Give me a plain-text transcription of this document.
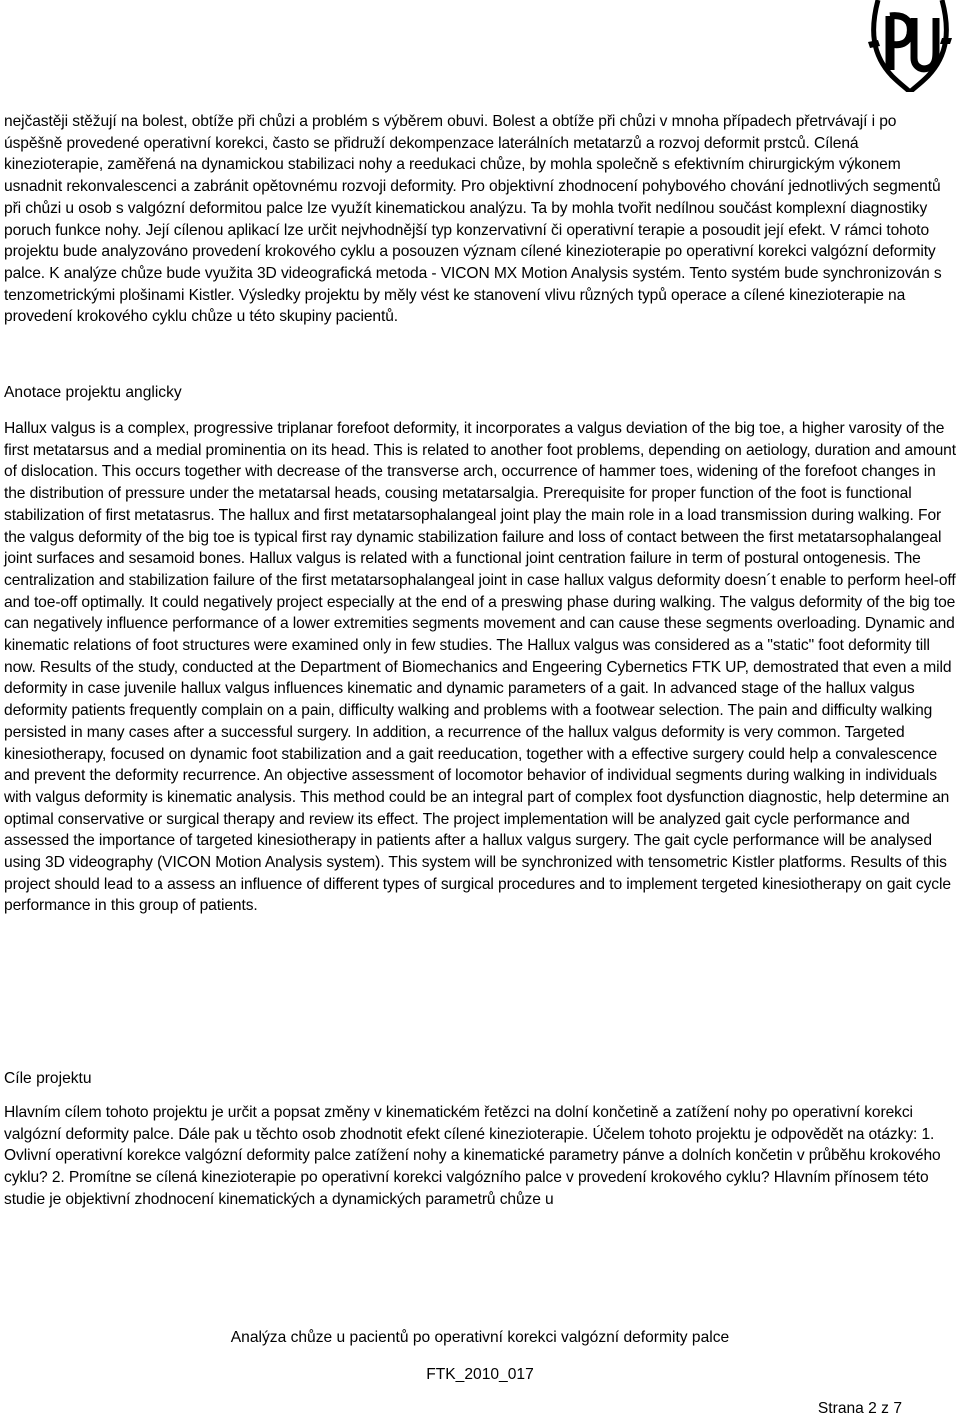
nejčastěji stěžují na bolest, obtíže při chůzi a problém s výběrem obuvi. Bolest a obtíže při chůzi v mnoha případech přetrvávají i po úspěšně provedené operativní korekci, často se přidruží dekompenzace laterálních metatarzů a rozvoj deformit prstců. Cílená kinezioterapie, zaměřená na dynamickou stabilizaci nohy a reedukaci chůze, by mohla společně s efektivním chirurgickým výkonem usnadnit rekonvalescenci a zabránit opětovnému rozvoji deformity. Pro objektivní zhodnocení pohybového chování jednotlivých segmentů při chůzi u osob s valgózní deformitou palce lze využít kinematickou analýzu. Ta by mohla tvořit nedílnou součást komplexní diagnostiky poruch funkce nohy. Její cílenou aplikací lze určit nejvhodnější typ konzervativní či operativní terapie a posoudit její efekt. V rámci tohoto projektu bude analyzováno provedení krokového cyklu a posouzen význam cílené kinezioterapie po operativní korekci valgózní deformity palce. K analýze chůze bude využita 3D videografická metoda - VICON MX Motion Analysis systém. Tento systém bude synchronizován s tenzometrickými plošinami Kistler. Výsledky projektu by měly vést ke stanovení vlivu různých typů operace a cílené kinezioterapie na provedení krokového cyklu chůze u této skupiny pacientů.

Anotace projektu anglicky

Hallux valgus is a complex, progressive triplanar forefoot deformity, it incorporates a valgus deviation of the big toe, a higher varosity of the first metatarsus and a medial prominentia on its head. This is related to another foot problems, depending on aetiology, duration and amount of dislocation. This occurs together with decrease of the transverse arch, occurrence of hammer toes, widening of the forefoot changes in the distribution of pressure under the metatarsal heads, cousing metatarsalgia. Prerequisite for proper function of the foot is functional stabilization of first metatasrus. The hallux and first metatarsophalangeal joint play the main role in a load transmission during walking. For the valgus deformity of the big toe is typical first ray dynamic stabilization failure and loss of contact between the first metatarsophalangeal joint surfaces and sesamoid bones. Hallux valgus is related with a functional joint centration failure in term of postural ontogenesis. The centralization and stabilization failure of the first metatarsophalangeal joint in case hallux valgus deformity doesn´t enable to perform heel-off and toe-off optimally. It could negatively project especially at the end of a preswing phase during walking. The valgus deformity of the big toe can negatively influence performance of a lower extremities segments movement and can cause these segments overloading. Dynamic and kinematic relations of foot structures were examined only in few studies. The Hallux valgus was considered as a "static" foot deformity till now. Results of the study, conducted at the Department of Biomechanics and Engeering Cybernetics FTK UP, demostrated that even a mild deformity in case juvenile hallux valgus influences kinematic and dynamic parameters of a gait. In advanced stage of the hallux valgus deformity patients frequently complain on a pain, difficulty walking and problems with a footwear selection. The pain and difficulty walking persisted in many cases after a successful surgery. In addition, a recurrence of the hallux valgus deformity is very common. Targeted kinesiotherapy, focused on dynamic foot stabilization and a gait reeducation, together with a effective surgery could help a convalescence and prevent the deformity recurrence. An objective assessment of locomotor behavior of individual segments during walking in individuals with valgus deformity is kinematic analysis. This method could be an integral part of complex foot dysfunction diagnostic, help determine an optimal conservative or surgical therapy and review its effect. The project implementation will be analyzed gait cycle performance and assessed the importance of targeted kinesiotherapy in patients after a hallux valgus surgery. The gait cycle performance will be analysed using 3D videography (VICON Motion Analysis system). This system will be synchronized with tensometric Kistler platforms. Results of this project should lead to a assess an influence of different types of surgical procedures and to implement tergeted kinesiotherapy on gait cycle performance in this group of patients.

Cíle projektu

Hlavním cílem tohoto projektu je určit a popsat změny v kinematickém řetězci na dolní končetině a zatížení nohy po operativní korekci valgózní deformity palce. Dále pak u těchto osob zhodnotit efekt cílené kinezioterapie. Účelem tohoto projektu je odpovědět na otázky: 1. Ovlivní operativní korekce valgózní deformity palce zatížení nohy a kinematické parametry pánve a dolních končetin v průběhu krokového cyklu? 2. Promítne se cílená kinezioterapie po operativní korekci valgózního palce v provedení krokového cyklu? Hlavním přínosem této studie je objektivní zhodnocení kinematických a dynamických parametrů chůze u

Analýza chůze u pacientů po operativní korekci valgózní deformity palce
FTK_2010_017
Strana 2 z 7
